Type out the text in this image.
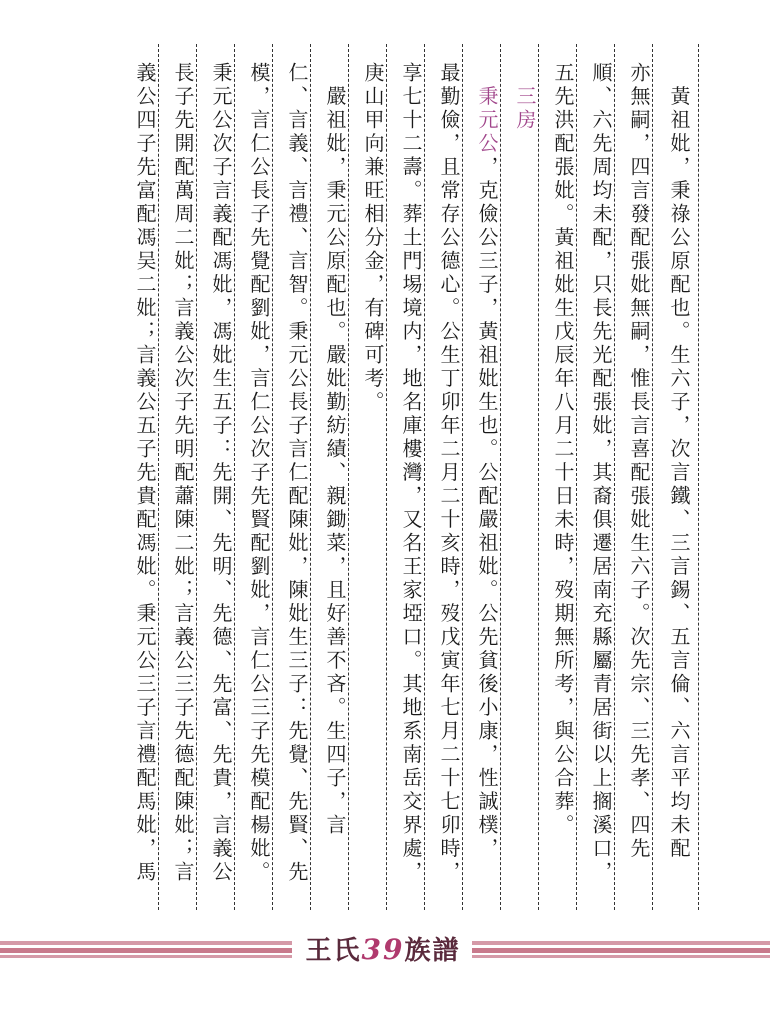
　黃祖妣，秉祿公原配也。生六子，次言鐵、三言錫、五言倫、六言平均未配
亦無嗣，四言發配張妣無嗣，惟長言喜配張妣生六子。次先宗、三先孝、四先
順、六先周均未配，只長先光配張妣，其裔俱遷居南充縣屬青居街以上搁溪口，
五先洪配張妣。黃祖妣生戊辰年八月二十日未時，歿期無所考，與公合葬。
　三房
　秉元公，克儉公三子，黃祖妣生也。公配嚴祖妣。公先貧後小康，性誠樸，
最勤儉，且常存公德心。公生丁卯年二月二十亥時，歿戊寅年七月二十七卯時，
享七十二壽。葬土門埸境内，地名庫樓灣，又名王家埡口。其地系南岳交界處，
庚山甲向兼旺相分金，有碑可考。
　嚴祖妣，秉元公原配也。嚴妣勤紡績、親鋤菜，且好善不吝。生四子，言
仁、言義、言禮、言智。秉元公長子言仁配陳妣，陳妣生三子：先覺、先賢、先
模，言仁公長子先覺配劉妣，言仁公次子先賢配劉妣，言仁公三子先模配楊妣。
秉元公次子言義配馮妣，馮妣生五子：先開、先明、先德、先富、先貴，言義公
長子先開配萬周二妣；言義公次子先明配蕭陳二妣；言義公三子先德配陳妣；言
義公四子先富配馮吴二妣；言義公五子先貴配馮妣。秉元公三子言禮配馬妣，馬
王氏39族譜
